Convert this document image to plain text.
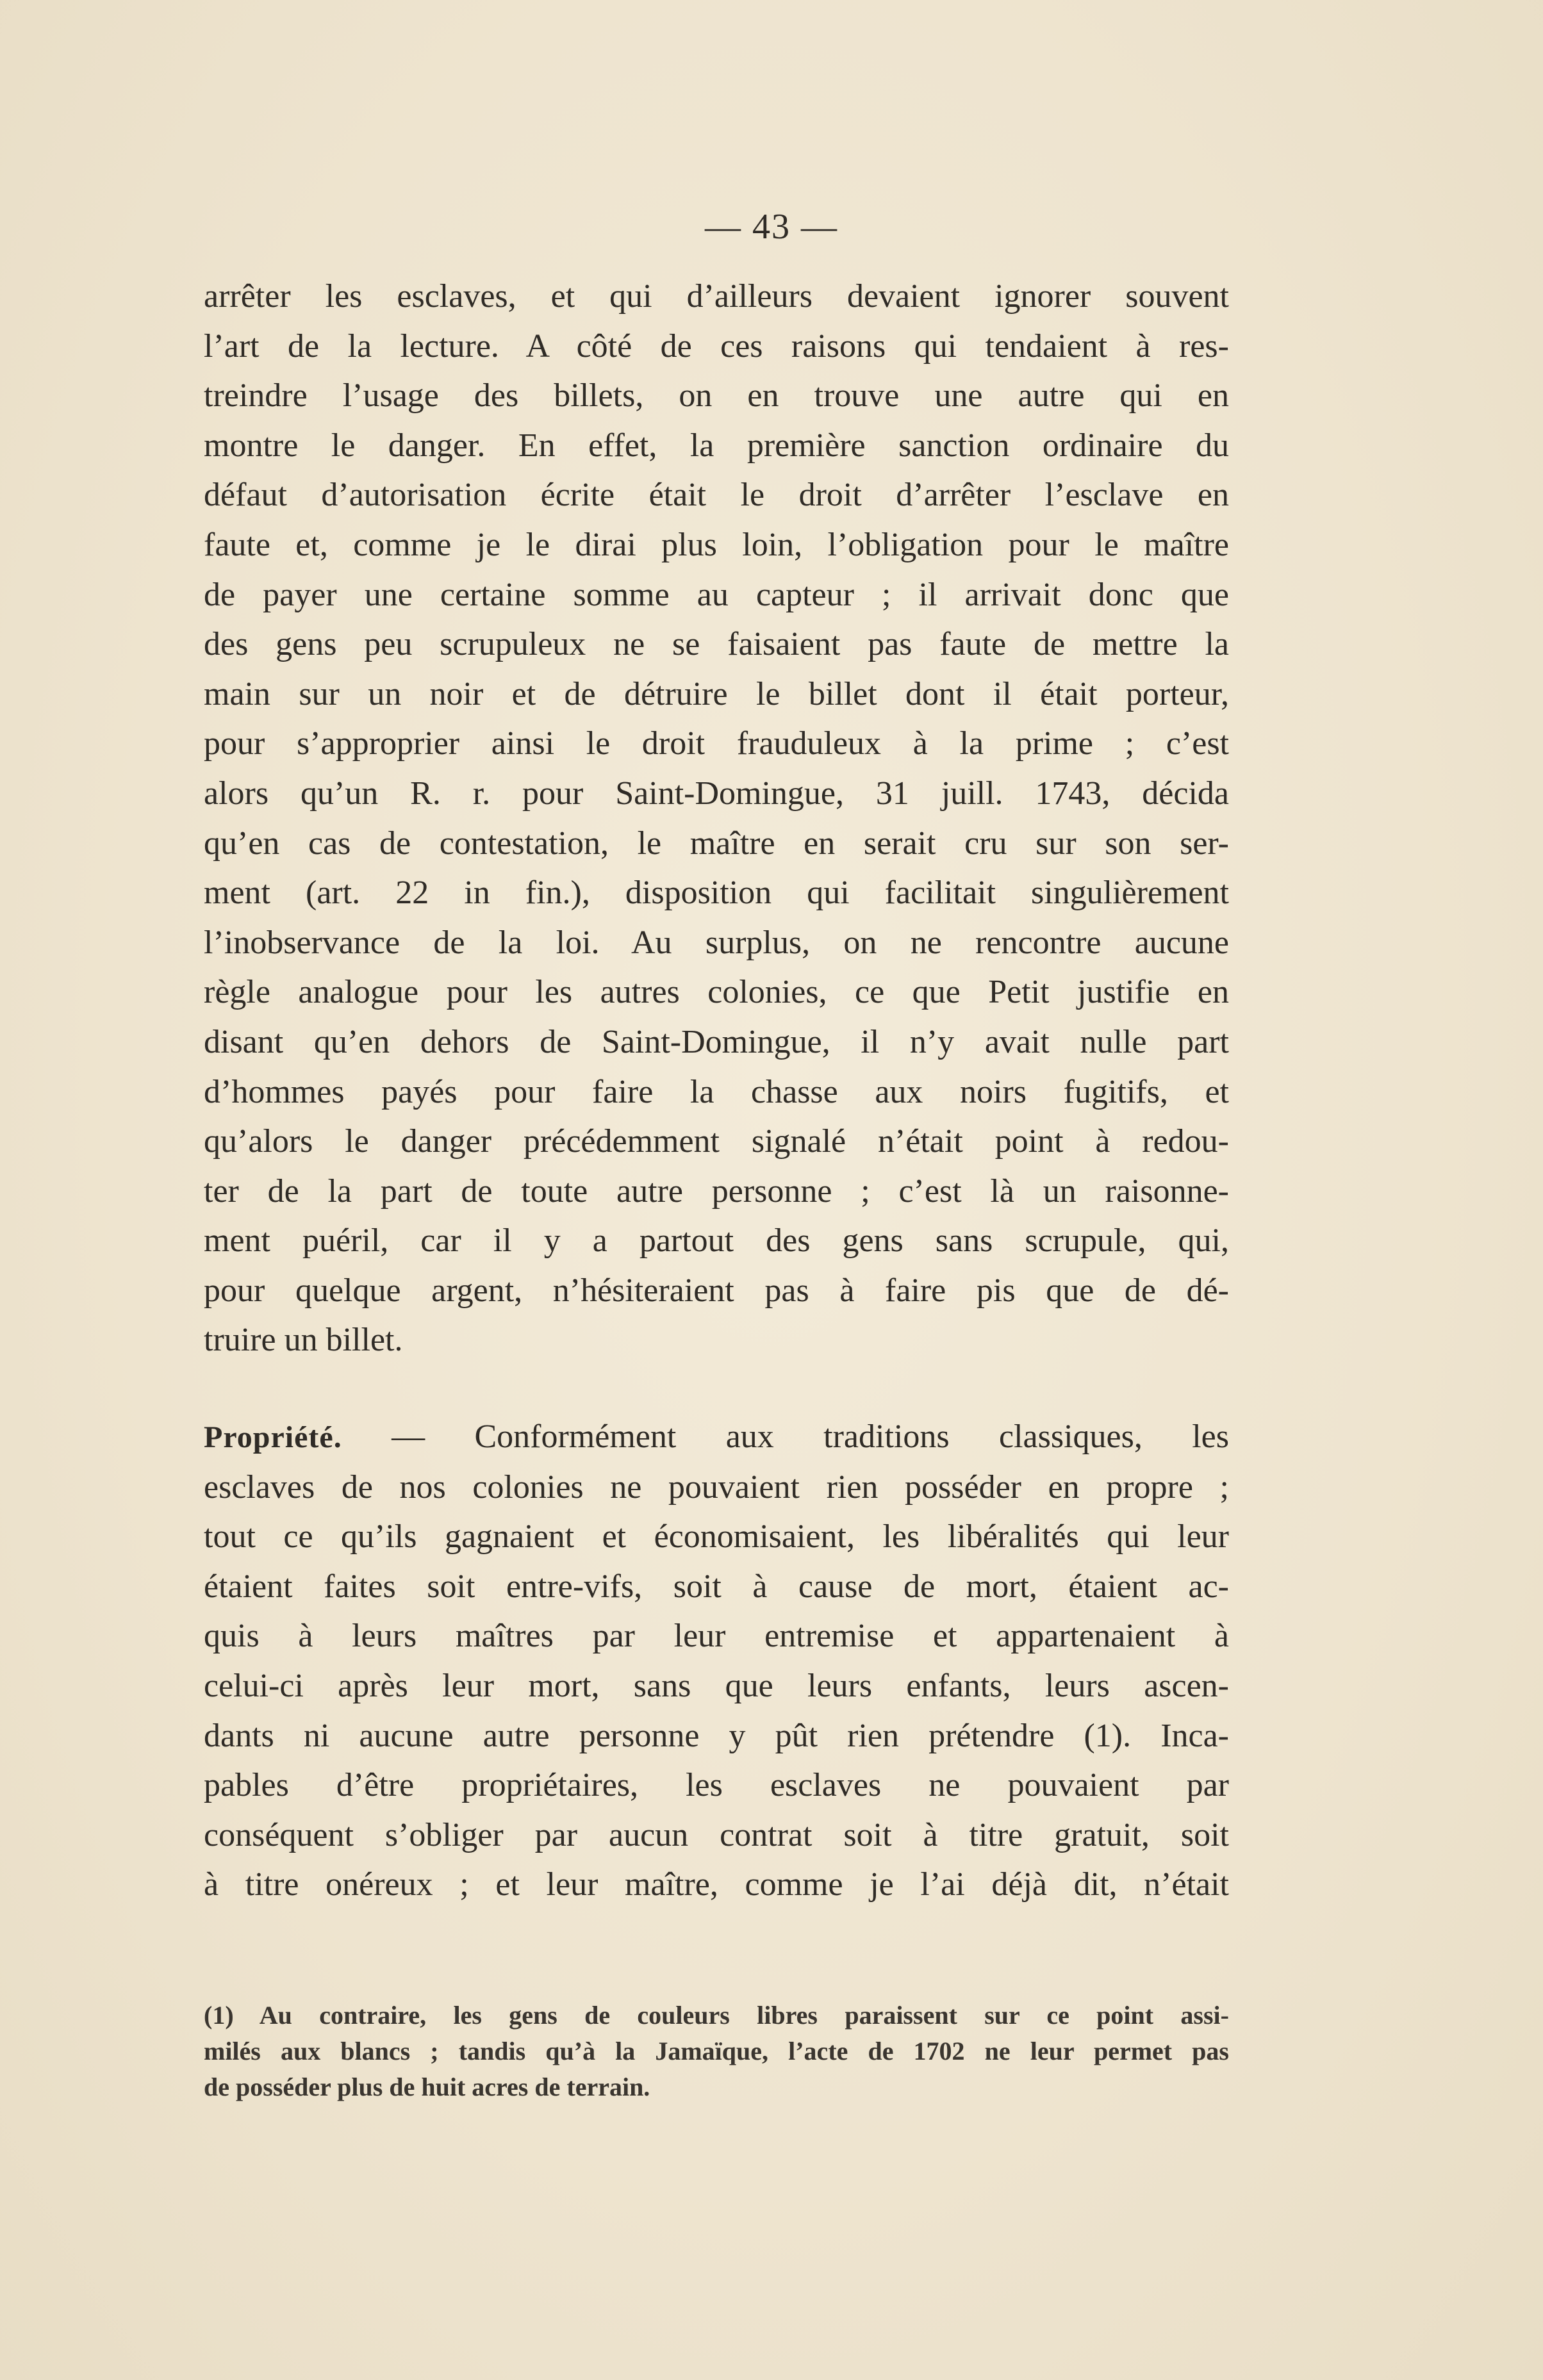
— 43 —
arrêter les esclaves, et qui d’ailleurs devaient ignorer souvent
l’art de la lecture. A côté de ces raisons qui tendaient à res-
treindre l’usage des billets, on en trouve une autre qui en
montre le danger. En effet, la première sanction ordinaire du
défaut d’autorisation écrite était le droit d’arrêter l’esclave en
faute et, comme je le dirai plus loin, l’obligation pour le maître
de payer une certaine somme au capteur ; il arrivait donc que
des gens peu scrupuleux ne se faisaient pas faute de mettre la
main sur un noir et de détruire le billet dont il était porteur,
pour s’approprier ainsi le droit frauduleux à la prime ; c’est
alors qu’un R. r. pour Saint-Domingue, 31 juill. 1743, décida
qu’en cas de contestation, le maître en serait cru sur son ser-
ment (art. 22 in fin.), disposition qui facilitait singulièrement
l’inobservance de la loi. Au surplus, on ne rencontre aucune
règle analogue pour les autres colonies, ce que Petit justifie en
disant qu’en dehors de Saint-Domingue, il n’y avait nulle part
d’hommes payés pour faire la chasse aux noirs fugitifs, et
qu’alors le danger précédemment signalé n’était point à redou-
ter de la part de toute autre personne ; c’est là un raisonne-
ment puéril, car il y a partout des gens sans scrupule, qui,
pour quelque argent, n’hésiteraient pas à faire pis que de dé-
truire un billet.
Propriété. — Conformément aux traditions classiques, les
esclaves de nos colonies ne pouvaient rien posséder en propre ;
tout ce qu’ils gagnaient et économisaient, les libéralités qui leur
étaient faites soit entre-vifs, soit à cause de mort, étaient ac-
quis à leurs maîtres par leur entremise et appartenaient à
celui-ci après leur mort, sans que leurs enfants, leurs ascen-
dants ni aucune autre personne y pût rien prétendre (1). Inca-
pables d’être propriétaires, les esclaves ne pouvaient par
conséquent s’obliger par aucun contrat soit à titre gratuit, soit
à titre onéreux ; et leur maître, comme je l’ai déjà dit, n’était
(1) Au contraire, les gens de couleurs libres paraissent sur ce point assi-
milés aux blancs ; tandis qu’à la Jamaïque, l’acte de 1702 ne leur permet pas
de posséder plus de huit acres de terrain.
